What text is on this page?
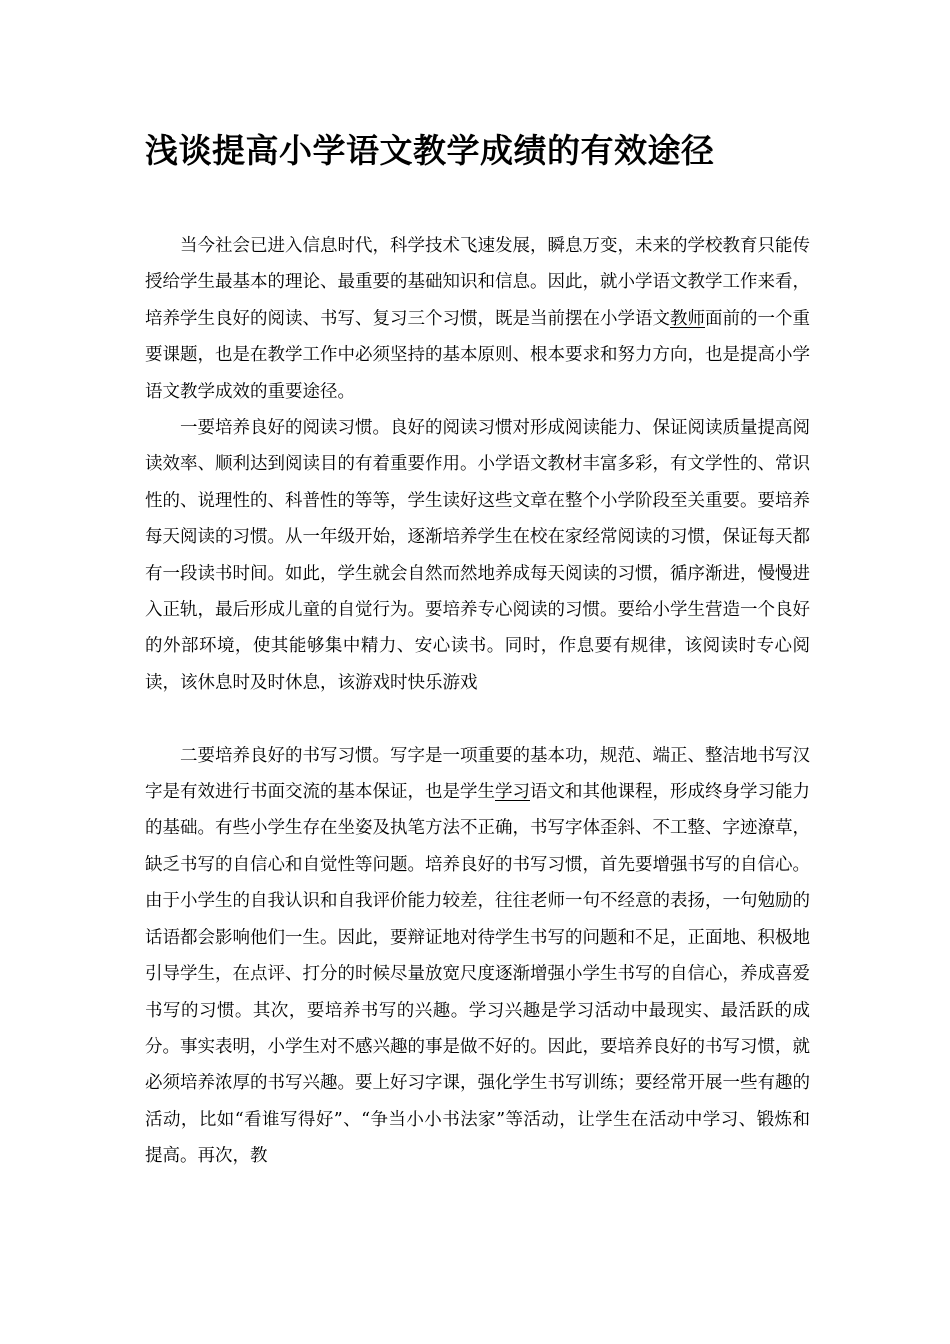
浅谈提高小学语文教学成绩的有效途径

当今社会已进入信息时代，科学技术飞速发展，瞬息万变，未来的学校教育只能传授给学生最基本的理论、最重要的基础知识和信息。因此，就小学语文教学工作来看，培养学生良好的阅读、书写、复习三个习惯，既是当前摆在小学语文教师面前的一个重要课题，也是在教学工作中必须坚持的基本原则、根本要求和努力方向，也是提高小学语文教学成效的重要途径。

一要培养良好的阅读习惯。良好的阅读习惯对形成阅读能力、保证阅读质量提高阅读效率、顺利达到阅读目的有着重要作用。小学语文教材丰富多彩，有文学性的、常识性的、说理性的、科普性的等等，学生读好这些文章在整个小学阶段至关重要。要培养每天阅读的习惯。从一年级开始，逐渐培养学生在校在家经常阅读的习惯，保证每天都有一段读书时间。如此，学生就会自然而然地养成每天阅读的习惯，循序渐进，慢慢进入正轨，最后形成儿童的自觉行为。要培养专心阅读的习惯。要给小学生营造一个良好的外部环境，使其能够集中精力、安心读书。同时，作息要有规律，该阅读时专心阅读，该休息时及时休息，该游戏时快乐游戏

二要培养良好的书写习惯。写字是一项重要的基本功，规范、端正、整洁地书写汉字是有效进行书面交流的基本保证，也是学生学习语文和其他课程，形成终身学习能力的基础。有些小学生存在坐姿及执笔方法不正确，书写字体歪斜、不工整、字迹潦草，缺乏书写的自信心和自觉性等问题。培养良好的书写习惯，首先要增强书写的自信心。由于小学生的自我认识和自我评价能力较差，往往老师一句不经意的表扬，一句勉励的话语都会影响他们一生。因此，要辩证地对待学生书写的问题和不足，正面地、积极地引导学生，在点评、打分的时候尽量放宽尺度逐渐增强小学生书写的自信心，养成喜爱书写的习惯。其次，要培养书写的兴趣。学习兴趣是学习活动中最现实、最活跃的成分。事实表明，小学生对不感兴趣的事是做不好的。因此，要培养良好的书写习惯，就必须培养浓厚的书写兴趣。要上好习字课，强化学生书写训练；要经常开展一些有趣的活动，比如“看谁写得好”、“争当小小书法家”等活动，让学生在活动中学习、锻炼和提高。再次，教
